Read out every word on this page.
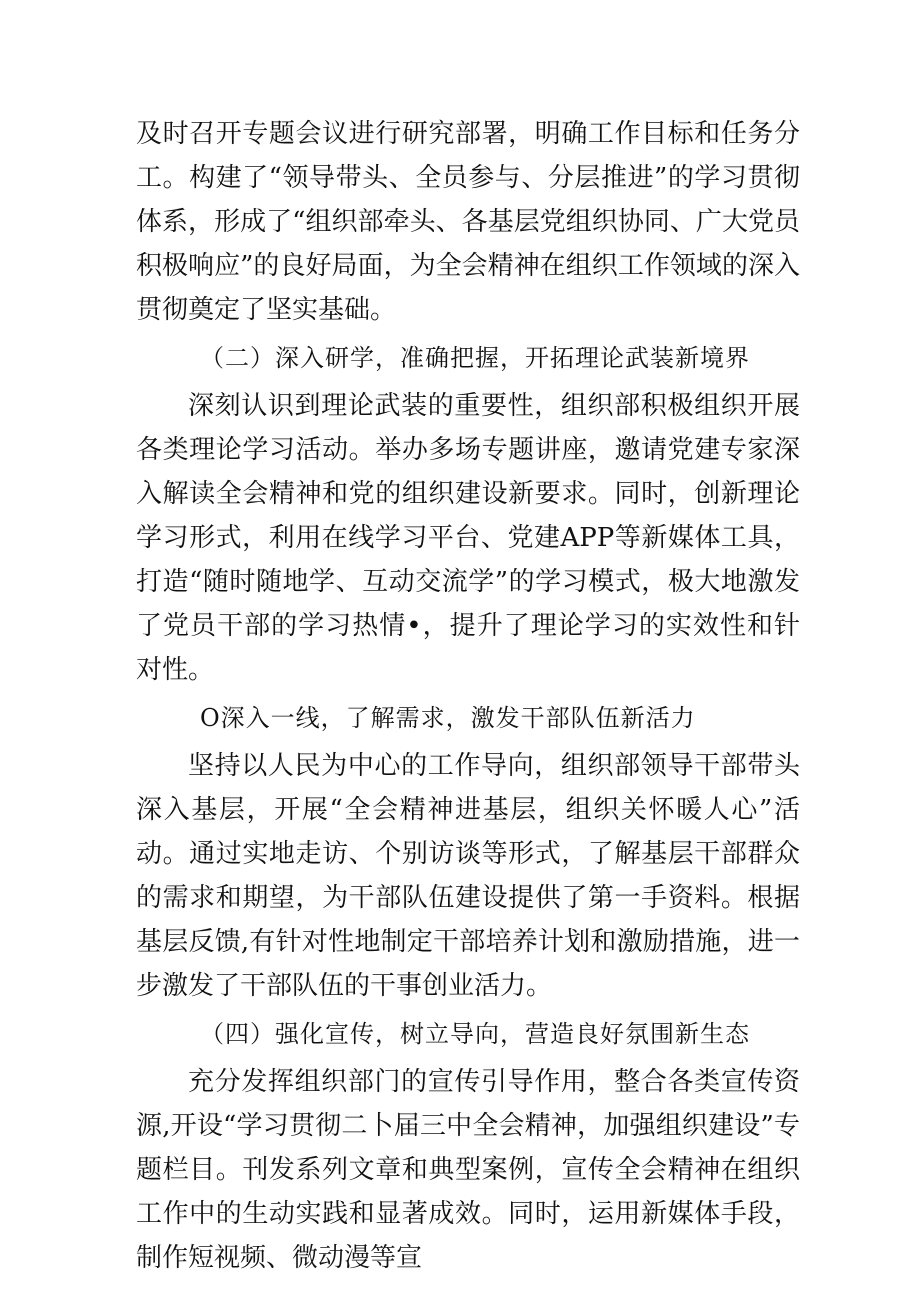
及时召开专题会议进行研究部署，明确工作目标和任务分工。构建了“领导带头、全员参与、分层推进”的学习贯彻体系，形成了“组织部牵头、各基层党组织协同、广大党员积极响应”的良好局面，为全会精神在组织工作领域的深入贯彻奠定了坚实基础。

（二）深入研学，准确把握，开拓理论武装新境界

深刻认识到理论武装的重要性，组织部积极组织开展各类理论学习活动。举办多场专题讲座，邀请党建专家深入解读全会精神和党的组织建设新要求。同时，创新理论学习形式，利用在线学习平台、党建APP等新媒体工具，打造“随时随地学、互动交流学”的学习模式，极大地激发了党员干部的学习热情•，提升了理论学习的实效性和针对性。

O深入一线，了解需求，激发干部队伍新活力

坚持以人民为中心的工作导向，组织部领导干部带头深入基层，开展“全会精神进基层，组织关怀暖人心”活动。通过实地走访、个别访谈等形式，了解基层干部群众的需求和期望，为干部队伍建设提供了第一手资料。根据基层反馈,有针对性地制定干部培养计划和激励措施，进一步激发了干部队伍的干事创业活力。

（四）强化宣传，树立导向，营造良好氛围新生态

充分发挥组织部门的宣传引导作用，整合各类宣传资源,开设“学习贯彻二卜届三中全会精神，加强组织建设”专题栏目。刊发系列文章和典型案例，宣传全会精神在组织工作中的生动实践和显著成效。同时，运用新媒体手段，制作短视频、微动漫等宣
